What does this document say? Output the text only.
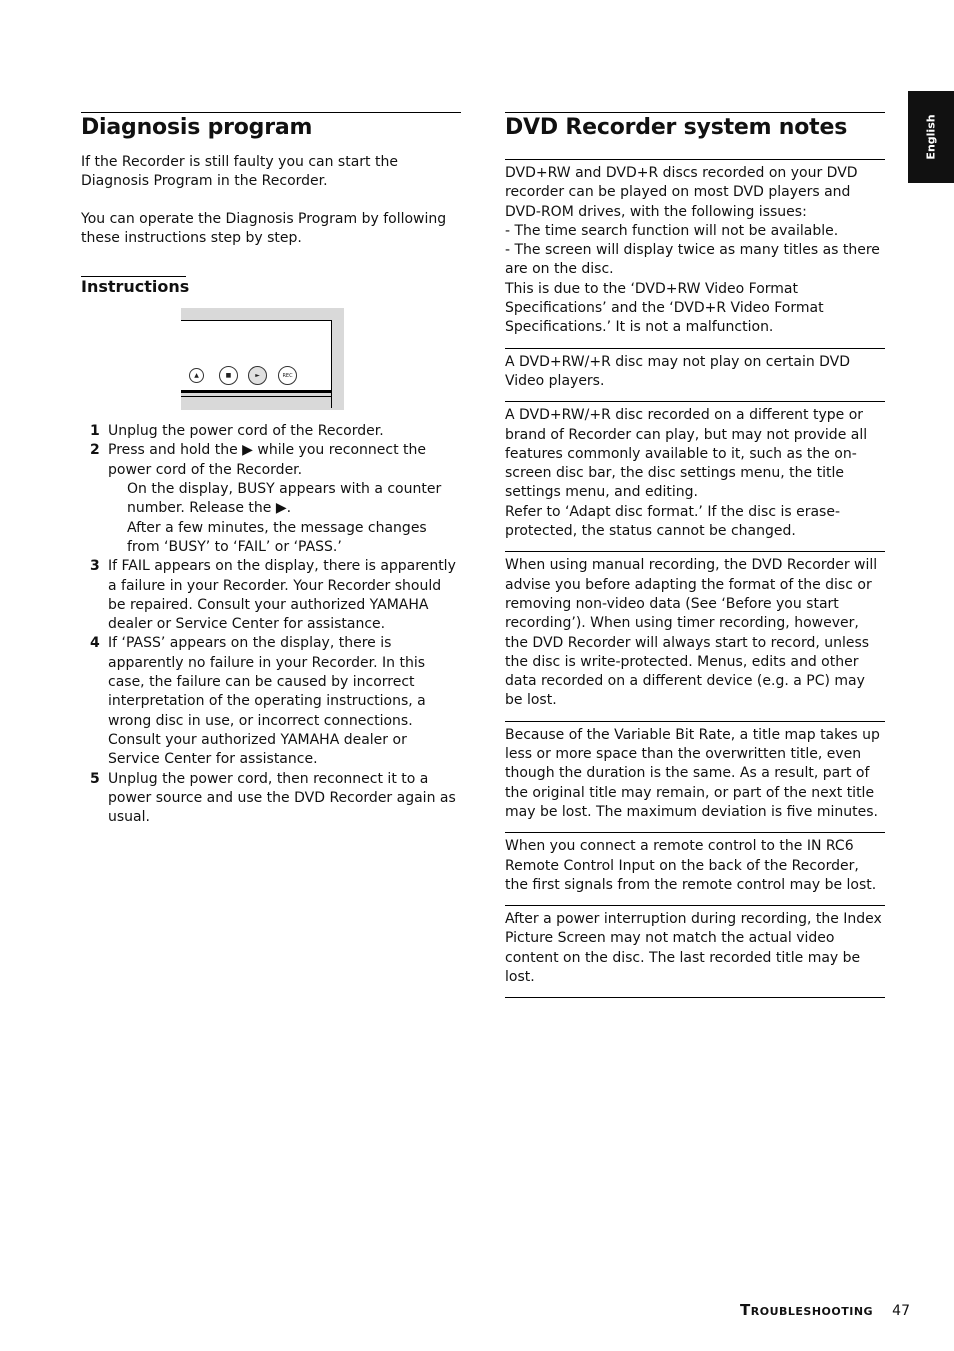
English
Diagnosis program

If the Recorder is still faulty you can start the Diagnosis Program in the Recorder.

You can operate the Diagnosis Program by following these instructions step by step.

Instructions
▲	■	►	REC
1 Unplug the power cord of the Recorder.
2 Press and hold the ▶ while you reconnect the power cord of the Recorder.
On the display, BUSY appears with a counter number. Release the ▶.
After a few minutes, the message changes from ‘BUSY’ to ‘FAIL’ or ‘PASS.’
3 If FAIL appears on the display, there is apparently a failure in your Recorder. Your Recorder should be repaired. Consult your authorized YAMAHA dealer or Service Center for assistance.
4 If ‘PASS’ appears on the display, there is apparently no failure in your Recorder. In this case, the failure can be caused by incorrect interpretation of the operating instructions, a wrong disc in use, or incorrect connections. Consult your authorized YAMAHA dealer or Service Center for assistance.
5 Unplug the power cord, then reconnect it to a power source and use the DVD Recorder again as usual.
DVD Recorder system notes

DVD+RW and DVD+R discs recorded on your DVD recorder can be played on most DVD players and DVD-ROM drives, with the following issues:
- The time search function will not be available.
- The screen will display twice as many titles as there are on the disc.
This is due to the ‘DVD+RW Video Format Specifications’ and the ‘DVD+R Video Format Specifications.’ It is not a malfunction.

A DVD+RW/+R disc may not play on certain DVD Video players.

A DVD+RW/+R disc recorded on a different type or brand of Recorder can play, but may not provide all features commonly available to it, such as the on-screen disc bar, the disc settings menu, the title settings menu, and editing.
Refer to ‘Adapt disc format.’ If the disc is erase-protected, the status cannot be changed.

When using manual recording, the DVD Recorder will advise you before adapting the format of the disc or removing non-video data (See ‘Before you start recording’). When using timer recording, however, the DVD Recorder will always start to record, unless the disc is write-protected. Menus, edits and other data recorded on a different device (e.g. a PC) may be lost.

Because of the Variable Bit Rate, a title map takes up less or more space than the overwritten title, even though the duration is the same. As a result, part of the original title may remain, or part of the next title may be lost. The maximum deviation is five minutes.

When you connect a remote control to the IN RC6 Remote Control Input on the back of the Recorder, the first signals from the remote control may be lost.

After a power interruption during recording, the Index Picture Screen may not match the actual video content on the disc. The last recorded title may be lost.

Troubleshooting 47
